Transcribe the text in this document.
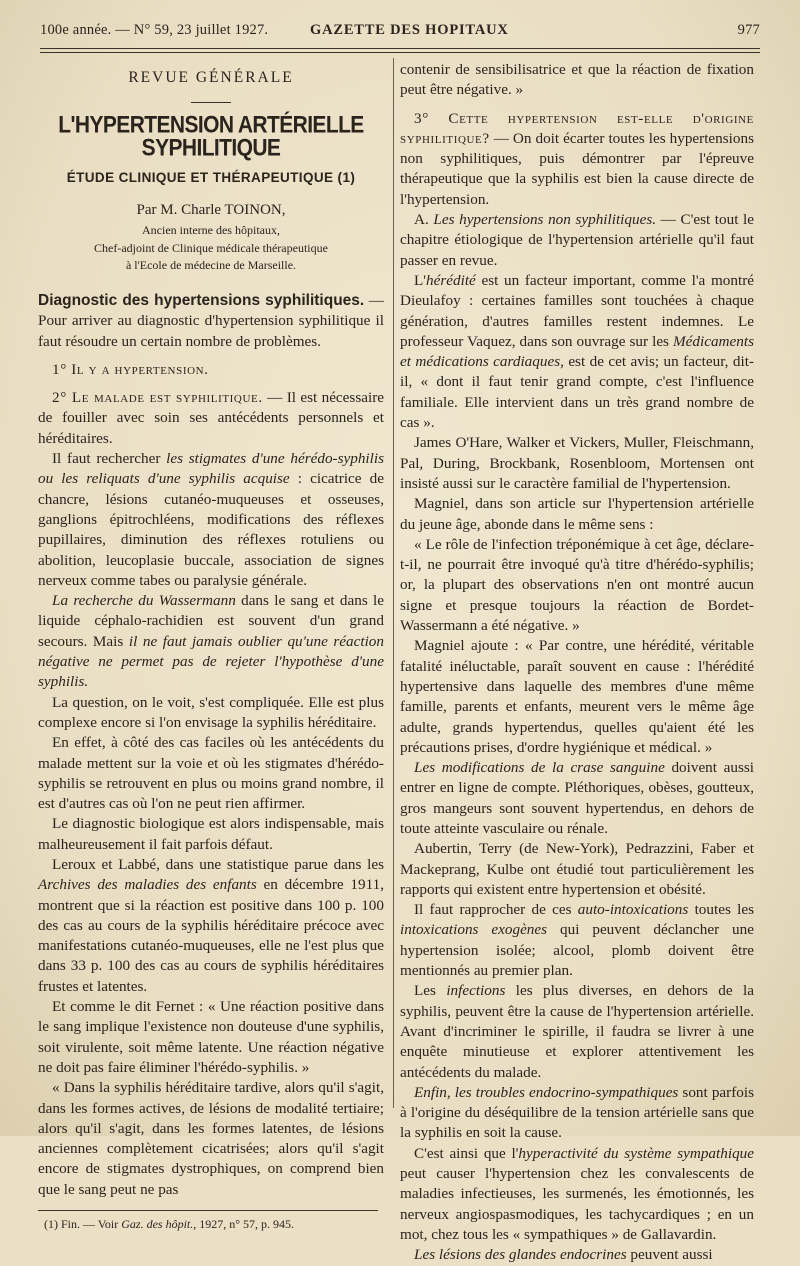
100e année. — N° 59, 23 juillet 1927.	GAZETTE DES HOPITAUX	977
REVUE GÉNÉRALE
L'HYPERTENSION ARTÉRIELLE SYPHILITIQUE
ÉTUDE CLINIQUE ET THÉRAPEUTIQUE (1)
Par M. Charle TOINON,
Ancien interne des hôpitaux,
Chef-adjoint de Clinique médicale thérapeutique
à l'Ecole de médecine de Marseille.

Diagnostic des hypertensions syphilitiques. — Pour arriver au diagnostic d'hypertension syphilitique il faut résoudre un certain nombre de problèmes.

1° Il y a hypertension.

2° Le malade est syphilitique. — Il est nécessaire de fouiller avec soin ses antécédents personnels et héréditaires.

Il faut rechercher les stigmates d'une hérédo-syphilis ou les reliquats d'une syphilis acquise : cicatrice de chancre, lésions cutanéo-muqueuses et osseuses, ganglions épitrochléens, modifications des réflexes pupillaires, diminution des réflexes rotuliens ou abolition, leucoplasie buccale, association de signes nerveux comme tabes ou paralysie générale.

La recherche du Wassermann dans le sang et dans le liquide céphalo-rachidien est souvent d'un grand secours. Mais il ne faut jamais oublier qu'une réaction négative ne permet pas de rejeter l'hypothèse d'une syphilis.

La question, on le voit, s'est compliquée. Elle est plus complexe encore si l'on envisage la syphilis héréditaire.

En effet, à côté des cas faciles où les antécédents du malade mettent sur la voie et où les stigmates d'hérédo-syphilis se retrouvent en plus ou moins grand nombre, il est d'autres cas où l'on ne peut rien affirmer.

Le diagnostic biologique est alors indispensable, mais malheureusement il fait parfois défaut.

Leroux et Labbé, dans une statistique parue dans les Archives des maladies des enfants en décembre 1911, montrent que si la réaction est positive dans 100 p. 100 des cas au cours de la syphilis héréditaire précoce avec manifestations cutanéo-muqueuses, elle ne l'est plus que dans 33 p. 100 des cas au cours de syphilis héréditaires frustes et latentes.

Et comme le dit Fernet : « Une réaction positive dans le sang implique l'existence non douteuse d'une syphilis, soit virulente, soit même latente. Une réaction négative ne doit pas faire éliminer l'hérédo-syphilis. »

« Dans la syphilis héréditaire tardive, alors qu'il s'agit, dans les formes actives, de lésions de modalité tertiaire; alors qu'il s'agit, dans les formes latentes, de lésions anciennes complètement cicatrisées; alors qu'il s'agit encore de stigmates dystrophiques, on comprend bien que le sang peut ne pas

(1) Fin. — Voir Gaz. des hôpit., 1927, n° 57, p. 945.

contenir de sensibilisatrice et que la réaction de fixation peut être négative. »

3° Cette hypertension est-elle d'origine syphilitique? — On doit écarter toutes les hypertensions non syphilitiques, puis démontrer par l'épreuve thérapeutique que la syphilis est bien la cause directe de l'hypertension.

A. Les hypertensions non syphilitiques. — C'est tout le chapitre étiologique de l'hypertension artérielle qu'il faut passer en revue.

L'hérédité est un facteur important, comme l'a montré Dieulafoy : certaines familles sont touchées à chaque génération, d'autres familles restent indemnes. Le professeur Vaquez, dans son ouvrage sur les Médicaments et médications cardiaques, est de cet avis; un facteur, dit-il, « dont il faut tenir grand compte, c'est l'influence familiale. Elle intervient dans un très grand nombre de cas ».

James O'Hare, Walker et Vickers, Muller, Fleischmann, Pal, During, Brockbank, Rosenbloom, Mortensen ont insisté aussi sur le caractère familial de l'hypertension.

Magniel, dans son article sur l'hypertension artérielle du jeune âge, abonde dans le même sens :

« Le rôle de l'infection tréponémique à cet âge, déclare-t-il, ne pourrait être invoqué qu'à titre d'hérédo-syphilis; or, la plupart des observations n'en ont montré aucun signe et presque toujours la réaction de Bordet-Wassermann a été négative. »

Magniel ajoute : « Par contre, une hérédité, véritable fatalité inéluctable, paraît souvent en cause : l'hérédité hypertensive dans laquelle des membres d'une même famille, parents et enfants, meurent vers le même âge adulte, grands hypertendus, quelles qu'aient été les précautions prises, d'ordre hygiénique et médical. »

Les modifications de la crase sanguine doivent aussi entrer en ligne de compte. Pléthoriques, obèses, goutteux, gros mangeurs sont souvent hypertendus, en dehors de toute atteinte vasculaire ou rénale.

Aubertin, Terry (de New-York), Pedrazzini, Faber et Mackeprang, Kulbe ont étudié tout particulièrement les rapports qui existent entre hypertension et obésité.

Il faut rapprocher de ces auto-intoxications toutes les intoxications exogènes qui peuvent déclancher une hypertension isolée; alcool, plomb doivent être mentionnés au premier plan.

Les infections les plus diverses, en dehors de la syphilis, peuvent être la cause de l'hypertension artérielle. Avant d'incriminer le spirille, il faudra se livrer à une enquête minutieuse et explorer attentivement les antécédents du malade.

Enfin, les troubles endocrino-sympathiques sont parfois à l'origine du déséquilibre de la tension artérielle sans que la syphilis en soit la cause.

C'est ainsi que l'hyperactivité du système sympathique peut causer l'hypertension chez les convalescents de maladies infectieuses, les surmenés, les émotionnés, les nerveux angiospasmodiques, les tachycardiques ; en un mot, chez tous les « sympathiques » de Gallavardin.

Les lésions des glandes endocrines peuvent aussi
